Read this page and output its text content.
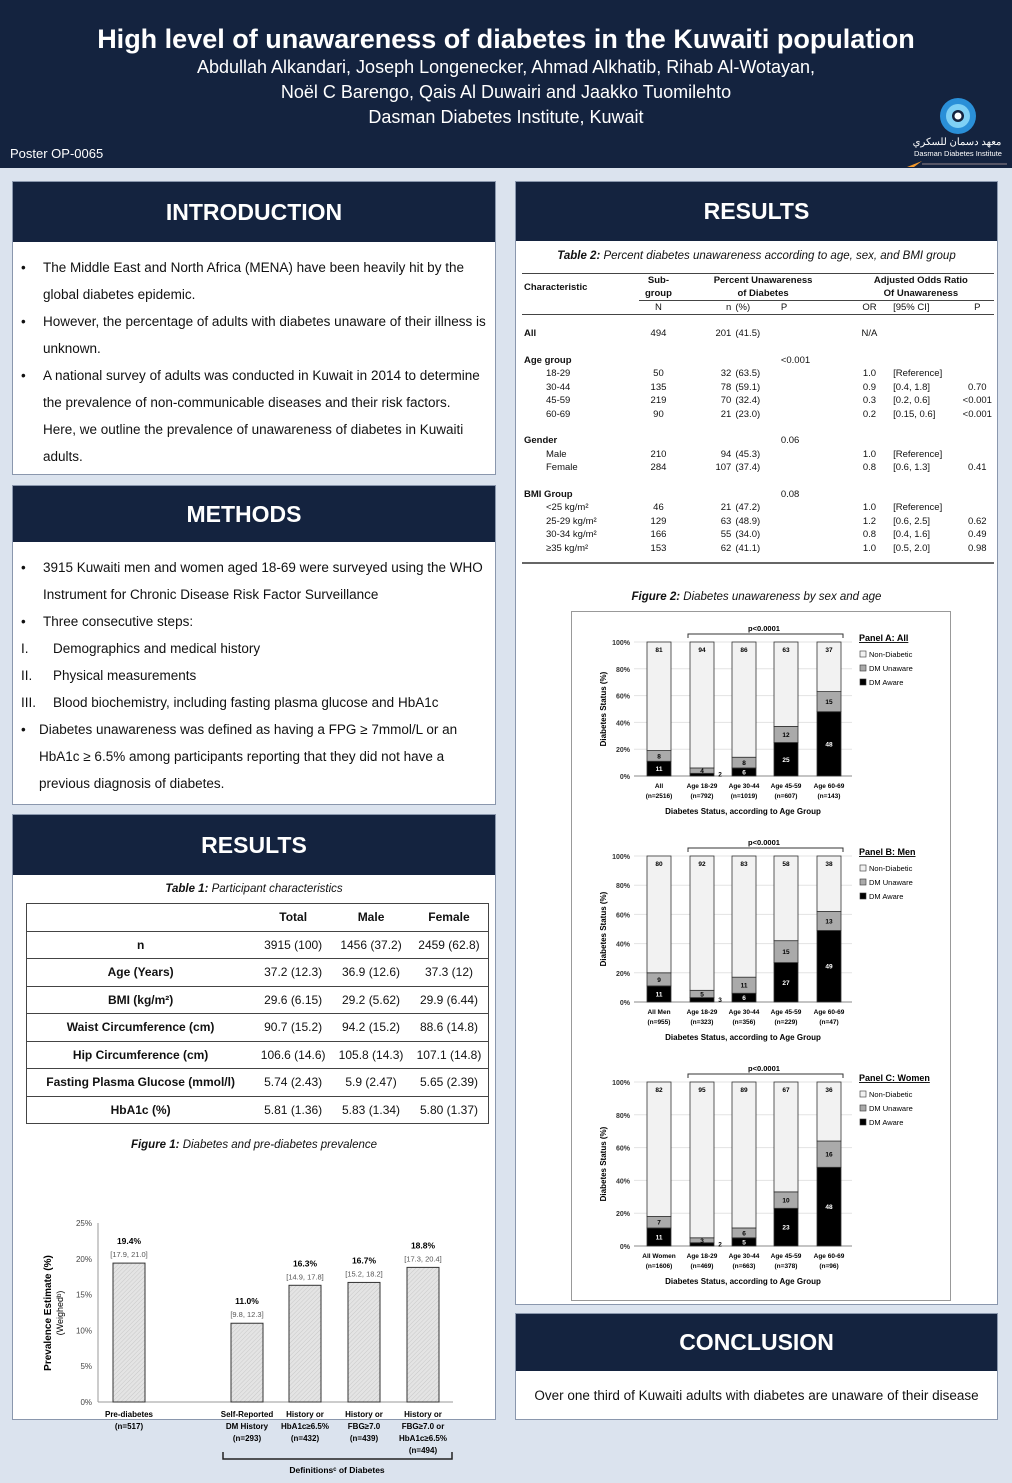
High level of unawareness of diabetes in the Kuwaiti population
Abdullah Alkandari, Joseph Longenecker, Ahmad Alkhatib, Rihab Al-Wotayan,
Noël C Barengo, Qais Al Duwairi and Jaakko Tuomilehto
Dasman Diabetes Institute, Kuwait
Poster OP-0065
معهد دسمان للسكري
Dasman Diabetes Institute
INTRODUCTION
•	The Middle East and North Africa (MENA) have been heavily hit by the global diabetes epidemic.
•	However, the percentage of adults with diabetes unaware of their illness is unknown.
•	A national survey of adults was conducted in Kuwait in 2014 to determine the prevalence of non-communicable diseases and their risk factors. Here, we outline the prevalence of unawareness of diabetes in Kuwaiti adults.
METHODS
•	3915 Kuwaiti men and women aged 18-69 were surveyed using the WHO Instrument for Chronic Disease Risk Factor Surveillance
•	Three consecutive steps:
I.	Demographics and medical history
II.	Physical measurements
III.	Blood biochemistry, including fasting plasma glucose and HbA1c
• Diabetes unawareness was defined as having a FPG ≥ 7mmol/L or an HbA1c ≥ 6.5% among participants reporting that they did not have a previous diagnosis of diabetes.
RESULTS
Table 1: Participant characteristics
	Total	Male	Female
n	3915 (100)	1456 (37.2)	2459 (62.8)
Age (Years)	37.2 (12.3)	36.9 (12.6)	37.3 (12)
BMI (kg/m²)	29.6 (6.15)	29.2 (5.62)	29.9 (6.44)
Waist Circumference (cm)	90.7 (15.2)	94.2 (15.2)	88.6 (14.8)
Hip Circumference (cm)	106.6 (14.6)	105.8 (14.3)	107.1 (14.8)
Fasting Plasma Glucose (mmol/l)	5.74 (2.43)	5.9 (2.47)	5.65 (2.39)
HbA1c (%)	5.81 (1.36)	5.83 (1.34)	5.80 (1.37)
Figure 1: Diabetes and pre-diabetes prevalence
0%
5%
10%
15%
20%
25%
Prevalence Estimate (%) (Weighedᵇ)
19.4%
[17.9, 21.0]
Pre-diabetes
(n=517)
11.0%
[9.8, 12.3]
Self-Reported
DM History
(n=293)
16.3%
[14.9, 17.8]
History or
HbA1c≥6.5%
(n=432)
16.7%
[15.2, 18.2]
History or
FBG≥7.0
(n=439)
18.8%
[17.3, 20.4]
History or
FBG≥7.0 or
HbA1c≥6.5%
(n=494)
Definitionsᶜ of Diabetes
RESULTS
Table 2: Percent diabetes unawareness according to age, sex, and BMI group
Characteristic	Sub-	Percent Unawareness			Adjusted Odds Ratio		
	group	of Diabetes			Of Unawareness		
	N	n	(%)	P	OR	[95% CI]	P

All	494	201	(41.5)		N/A		

Age group				<0.001			
18-29	50	32	(63.5)		1.0	[Reference]	
30-44	135	78	(59.1)		0.9	[0.4, 1.8]	0.70
45-59	219	70	(32.4)		0.3	[0.2, 0.6]	<0.001
60-69	90	21	(23.0)		0.2	[0.15, 0.6]	<0.001

Gender				0.06			
Male	210	94	(45.3)		1.0	[Reference]	
Female	284	107	(37.4)		0.8	[0.6, 1.3]	0.41

BMI Group				0.08			
<25 kg/m²	46	21	(47.2)		1.0	[Reference]	
25-29 kg/m²	129	63	(48.9)		1.2	[0.6, 2.5]	0.62
30-34 kg/m²	166	55	(34.0)		0.8	[0.4, 1.6]	0.49
≥35 kg/m²	153	62	(41.1)		1.0	[0.5, 2.0]	0.98

Figure 2: Diabetes unawareness by sex and age
0%
20%
40%
60%
80%
100%
Diabetes Status (%)
p<0.0001
11
8
81
All
(n=2516)
2
4
94
Age 18-29
(n=792)
6
8
86
Age 30-44
(n=1019)
25
12
63
Age 45-59
(n=607)
48
15
37
Age 60-69
(n=143)
Diabetes Status, according to Age Group
Panel A: All
Non-Diabetic
DM Unaware
DM Aware
0%
20%
40%
60%
80%
100%
Diabetes Status (%)
p<0.0001
11
9
80
All Men
(n=955)
3
5
92
Age 18-29
(n=323)
6
11
83
Age 30-44
(n=356)
27
15
58
Age 45-59
(n=229)
49
13
38
Age 60-69
(n=47)
Diabetes Status, according to Age Group
Panel B: Men
Non-Diabetic
DM Unaware
DM Aware
0%
20%
40%
60%
80%
100%
Diabetes Status (%)
p<0.0001
11
7
82
All Women
(n=1606)
2
3
95
Age 18-29
(n=469)
5
6
89
Age 30-44
(n=663)
23
10
67
Age 45-59
(n=378)
48
16
36
Age 60-69
(n=96)
Diabetes Status, according to Age Group
Panel C: Women
Non-Diabetic
DM Unaware
DM Aware
CONCLUSION
Over one third of Kuwaiti adults with diabetes are unaware of their disease
